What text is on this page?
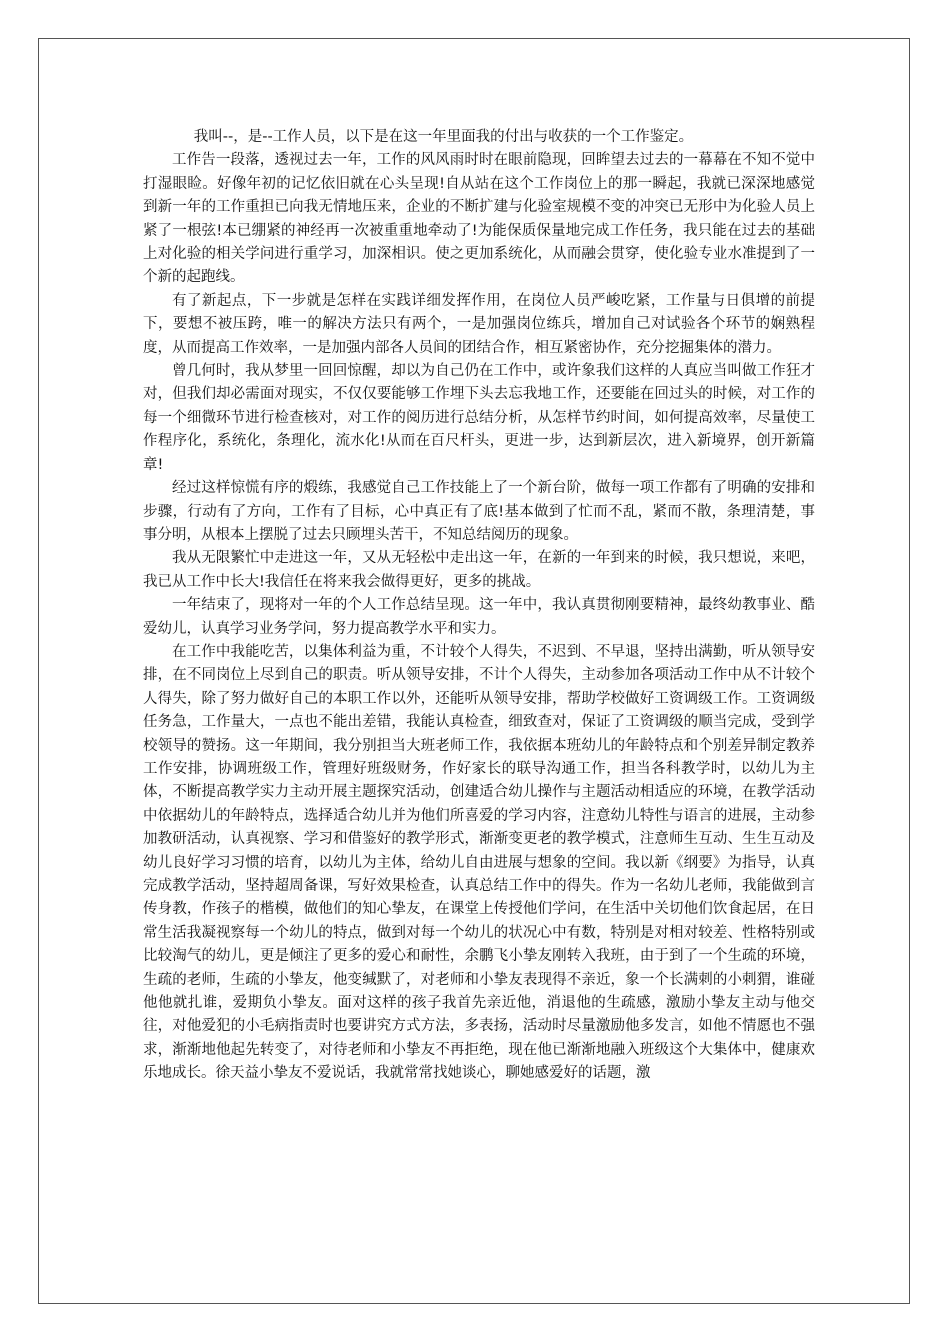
我叫--，是--工作人员，以下是在这一年里面我的付出与收获的一个工作鉴定。

工作告一段落，透视过去一年，工作的风风雨时时在眼前隐现，回眸望去过去的一幕幕在不知不觉中打湿眼睑。好像年初的记忆依旧就在心头呈现!自从站在这个工作岗位上的那一瞬起，我就已深深地感觉到新一年的工作重担已向我无情地压来，企业的不断扩建与化验室规模不变的冲突已无形中为化验人员上紧了一根弦!本已绷紧的神经再一次被重重地牵动了!为能保质保量地完成工作任务，我只能在过去的基础上对化验的相关学问进行重学习，加深相识。使之更加系统化，从而融会贯穿，使化验专业水准提到了一个新的起跑线。

有了新起点，下一步就是怎样在实践详细发挥作用，在岗位人员严峻吃紧，工作量与日俱增的前提下，要想不被压跨，唯一的解决方法只有两个，一是加强岗位练兵，增加自己对试验各个环节的娴熟程度，从而提高工作效率，一是加强内部各人员间的团结合作，相互紧密协作，充分挖掘集体的潜力。

曾几何时，我从梦里一回回惊醒，却以为自己仍在工作中，或许象我们这样的人真应当叫做工作狂才对，但我们却必需面对现实，不仅仅要能够工作埋下头去忘我地工作，还要能在回过头的时候，对工作的每一个细微环节进行检查核对，对工作的阅历进行总结分析，从怎样节约时间，如何提高效率，尽量使工作程序化，系统化，条理化，流水化!从而在百尺杆头，更进一步，达到新层次，进入新境界，创开新篇章!

经过这样惊慌有序的煅练，我感觉自己工作技能上了一个新台阶，做每一项工作都有了明确的安排和步骤，行动有了方向，工作有了目标，心中真正有了底!基本做到了忙而不乱，紧而不散，条理清楚，事事分明，从根本上摆脱了过去只顾埋头苦干，不知总结阅历的现象。

我从无限繁忙中走进这一年，又从无轻松中走出这一年，在新的一年到来的时候，我只想说，来吧，我已从工作中长大!我信任在将来我会做得更好，更多的挑战。

一年结束了，现将对一年的个人工作总结呈现。这一年中，我认真贯彻刚要精神，最终幼教事业、酷爱幼儿，认真学习业务学问，努力提高教学水平和实力。

在工作中我能吃苦，以集体利益为重，不计较个人得失，不迟到、不早退，坚持出满勤，听从领导安排，在不同岗位上尽到自己的职责。听从领导安排，不计个人得失，主动参加各项活动工作中从不计较个人得失，除了努力做好自己的本职工作以外，还能听从领导安排，帮助学校做好工资调级工作。工资调级任务急，工作量大，一点也不能出差错，我能认真检查，细致查对，保证了工资调级的顺当完成，受到学校领导的赞扬。这一年期间，我分别担当大班老师工作，我依据本班幼儿的年龄特点和个别差异制定教养工作安排，协调班级工作，管理好班级财务，作好家长的联导沟通工作，担当各科教学时，以幼儿为主体，不断提高教学实力主动开展主题探究活动，创建适合幼儿操作与主题活动相适应的环境，在教学活动中依据幼儿的年龄特点，选择适合幼儿并为他们所喜爱的学习内容，注意幼儿特性与语言的进展，主动参加教研活动，认真视察、学习和借鉴好的教学形式，渐渐变更老的教学模式，注意师生互动、生生互动及幼儿良好学习习惯的培育，以幼儿为主体，给幼儿自由进展与想象的空间。我以新《纲要》为指导，认真完成教学活动，坚持超周备课，写好效果检查，认真总结工作中的得失。作为一名幼儿老师，我能做到言传身教，作孩子的楷模，做他们的知心挚友，在课堂上传授他们学问，在生活中关切他们饮食起居，在日常生活我凝视察每一个幼儿的特点，做到对每一个幼儿的状况心中有数，特别是对相对较差、性格特别或比较淘气的幼儿，更是倾注了更多的爱心和耐性，余鹏飞小挚友刚转入我班，由于到了一个生疏的环境，生疏的老师，生疏的小挚友，他变缄默了，对老师和小挚友表现得不亲近，象一个长满刺的小刺猬，谁碰他他就扎谁，爱期负小挚友。面对这样的孩子我首先亲近他，消退他的生疏感，激励小挚友主动与他交往，对他爱犯的小毛病指责时也要讲究方式方法，多表扬，活动时尽量激励他多发言，如他不情愿也不强求，渐渐地他起先转变了，对待老师和小挚友不再拒绝，现在他已渐渐地融入班级这个大集体中，健康欢乐地成长。徐天益小挚友不爱说话，我就常常找她谈心，聊她感爱好的话题，激
